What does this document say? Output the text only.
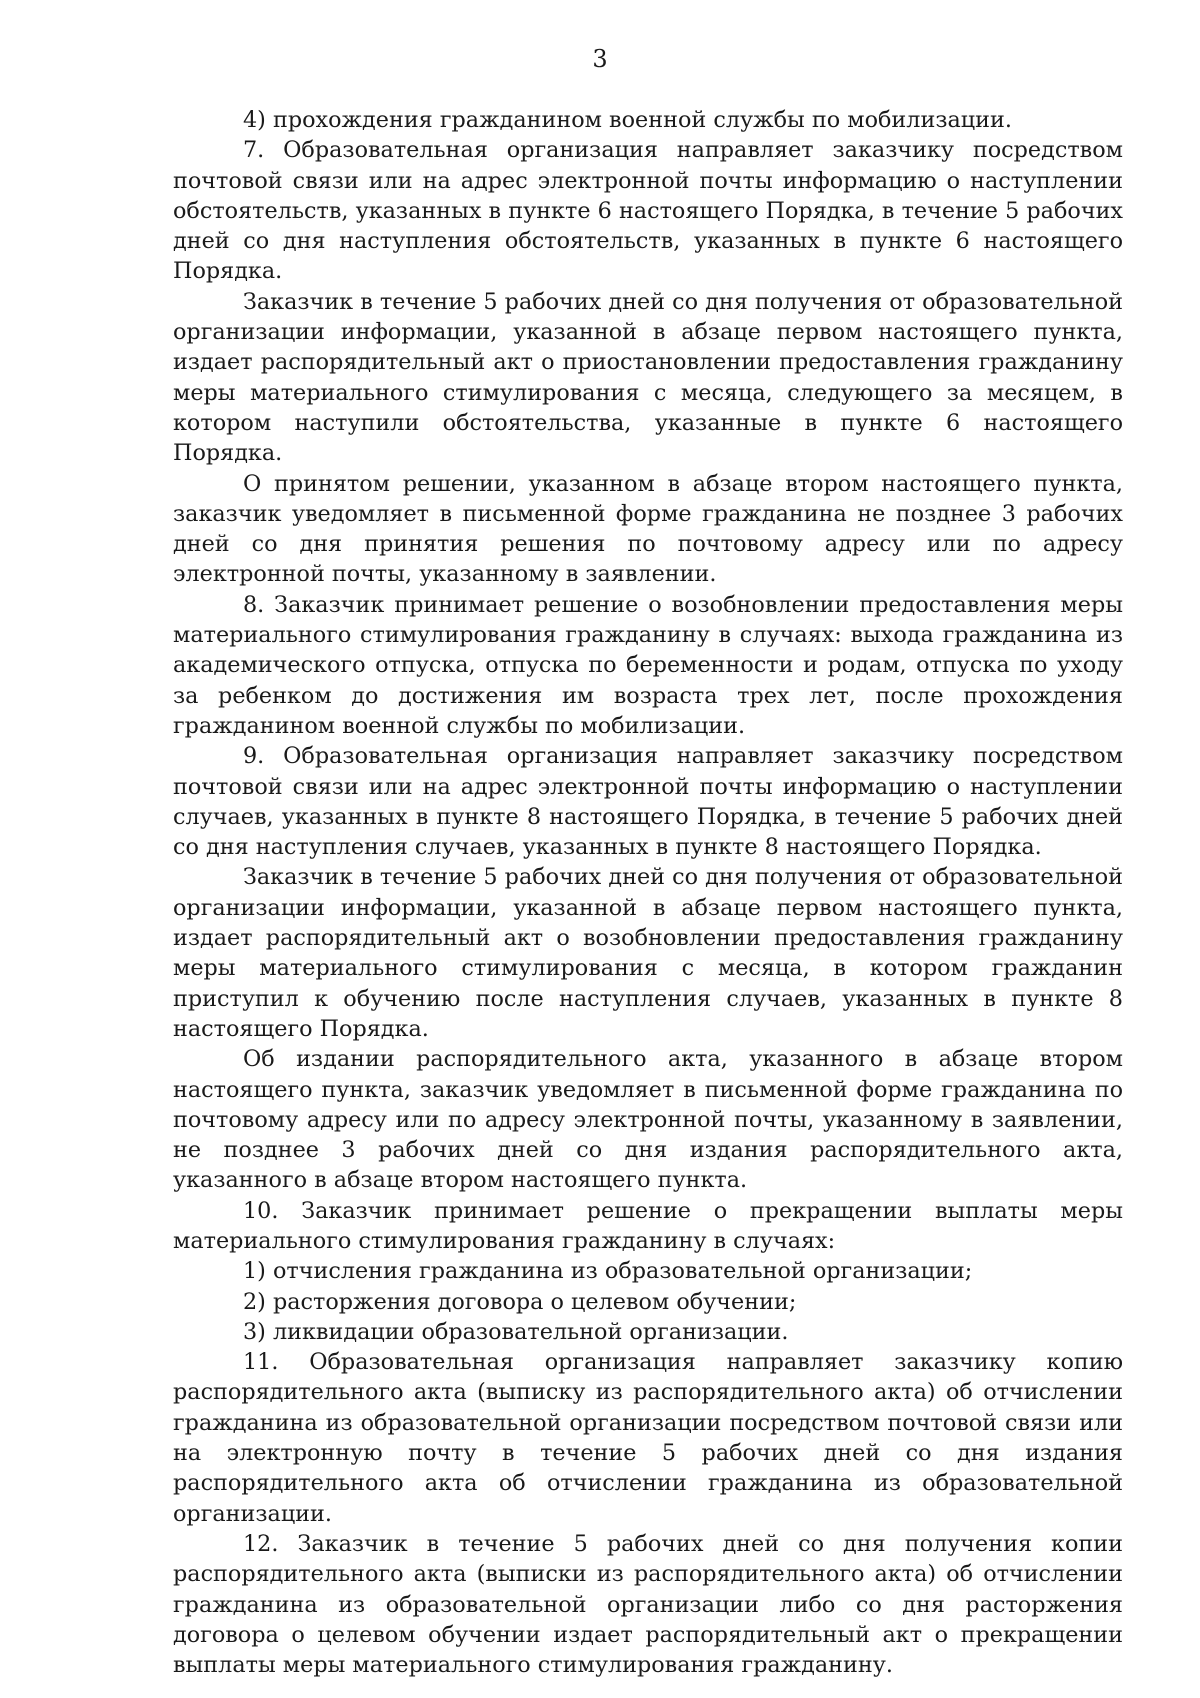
3

4) прохождения гражданином военной службы по мобилизации.

7. Образовательная организация направляет заказчику посредством почтовой связи или на адрес электронной почты информацию о наступлении обстоятельств, указанных в пункте 6 настоящего Порядка, в течение 5 рабочих дней со дня наступления обстоятельств, указанных в пункте 6 настоящего Порядка.

Заказчик в течение 5 рабочих дней со дня получения от образовательной организации информации, указанной в абзаце первом настоящего пункта, издает распорядительный акт о приостановлении предоставления гражданину меры материального стимулирования с месяца, следующего за месяцем, в котором наступили обстоятельства, указанные в пункте 6 настоящего Порядка.

О принятом решении, указанном в абзаце втором настоящего пункта, заказчик уведомляет в письменной форме гражданина не позднее 3 рабочих дней со дня принятия решения по почтовому адресу или по адресу электронной почты, указанному в заявлении.

8. Заказчик принимает решение о возобновлении предоставления меры материального стимулирования гражданину в случаях: выхода гражданина из академического отпуска, отпуска по беременности и родам, отпуска по уходу за ребенком до достижения им возраста трех лет, после прохождения гражданином военной службы по мобилизации.

9. Образовательная организация направляет заказчику посредством почтовой связи или на адрес электронной почты информацию о наступлении случаев, указанных в пункте 8 настоящего Порядка, в течение 5 рабочих дней со дня наступления случаев, указанных в пункте 8 настоящего Порядка.

Заказчик в течение 5 рабочих дней со дня получения от образовательной организации информации, указанной в абзаце первом настоящего пункта, издает распорядительный акт о возобновлении предоставления гражданину меры материального стимулирования с месяца, в котором гражданин приступил к обучению после наступления случаев, указанных в пункте 8 настоящего Порядка.

Об издании распорядительного акта, указанного в абзаце втором настоящего пункта, заказчик уведомляет в письменной форме гражданина по почтовому адресу или по адресу электронной почты, указанному в заявлении, не позднее 3 рабочих дней со дня издания распорядительного акта, указанного в абзаце втором настоящего пункта.

10. Заказчик принимает решение о прекращении выплаты меры материального стимулирования гражданину в случаях:

1) отчисления гражданина из образовательной организации;

2) расторжения договора о целевом обучении;

3) ликвидации образовательной организации.

11. Образовательная организация направляет заказчику копию распорядительного акта (выписку из распорядительного акта) об отчислении гражданина из образовательной организации посредством почтовой связи или на электронную почту в течение 5 рабочих дней со дня издания распорядительного акта об отчислении гражданина из образовательной организации.

12. Заказчик в течение 5 рабочих дней со дня получения копии распорядительного акта (выписки из распорядительного акта) об отчислении гражданина из образовательной организации либо со дня расторжения договора о целевом обучении издает распорядительный акт о прекращении выплаты меры материального стимулирования гражданину.
